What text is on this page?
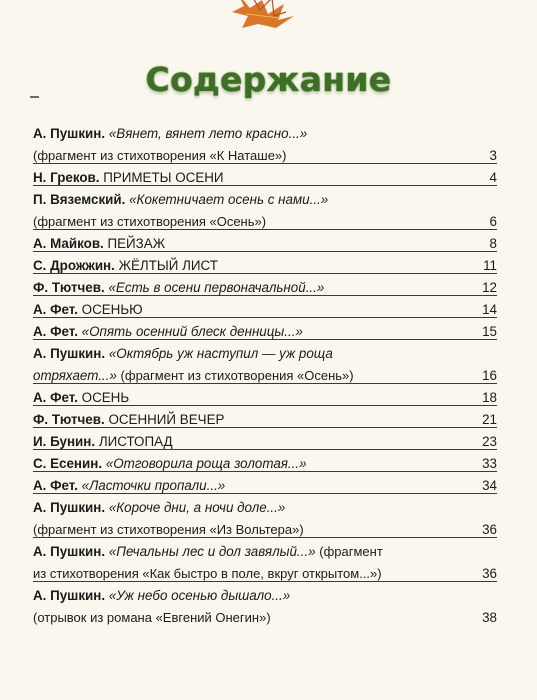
Содержание
А. Пушкин. «Вянет, вянет лето красно...»
(фрагмент из стихотворения «К Наташе»)	3
Н. Греков. ПРИМЕТЫ ОСЕНИ	4
П. Вяземский. «Кокетничает осень с нами...»
(фрагмент из стихотворения «Осень»)	6
А. Майков. ПЕЙЗАЖ	8
С. Дрожжин. ЖЁЛТЫЙ ЛИСТ	11
Ф. Тютчев. «Есть в осени первоначальной...»	12
А. Фет. ОСЕНЬЮ	14
А. Фет. «Опять осенний блеск денницы...»	15
А. Пушкин. «Октябрь уж наступил — уж роща
отряхает...» (фрагмент из стихотворения «Осень»)	16
А. Фет. ОСЕНЬ	18
Ф. Тютчев. ОСЕННИЙ ВЕЧЕР	21
И. Бунин. ЛИСТОПАД	23
С. Есенин. «Отговорила роща золотая...»	33
А. Фет. «Ласточки пропали...»	34
А. Пушкин. «Короче дни, а ночи доле...»
(фрагмент из стихотворения «Из Вольтера»)	36
А. Пушкин. «Печальны лес и дол завялый...» (фрагмент
из стихотворения «Как быстро в поле, вкруг открытом...»)	36
А. Пушкин. «Уж небо осенью дышало...»
(отрывок из романа «Евгений Онегин»)	38
